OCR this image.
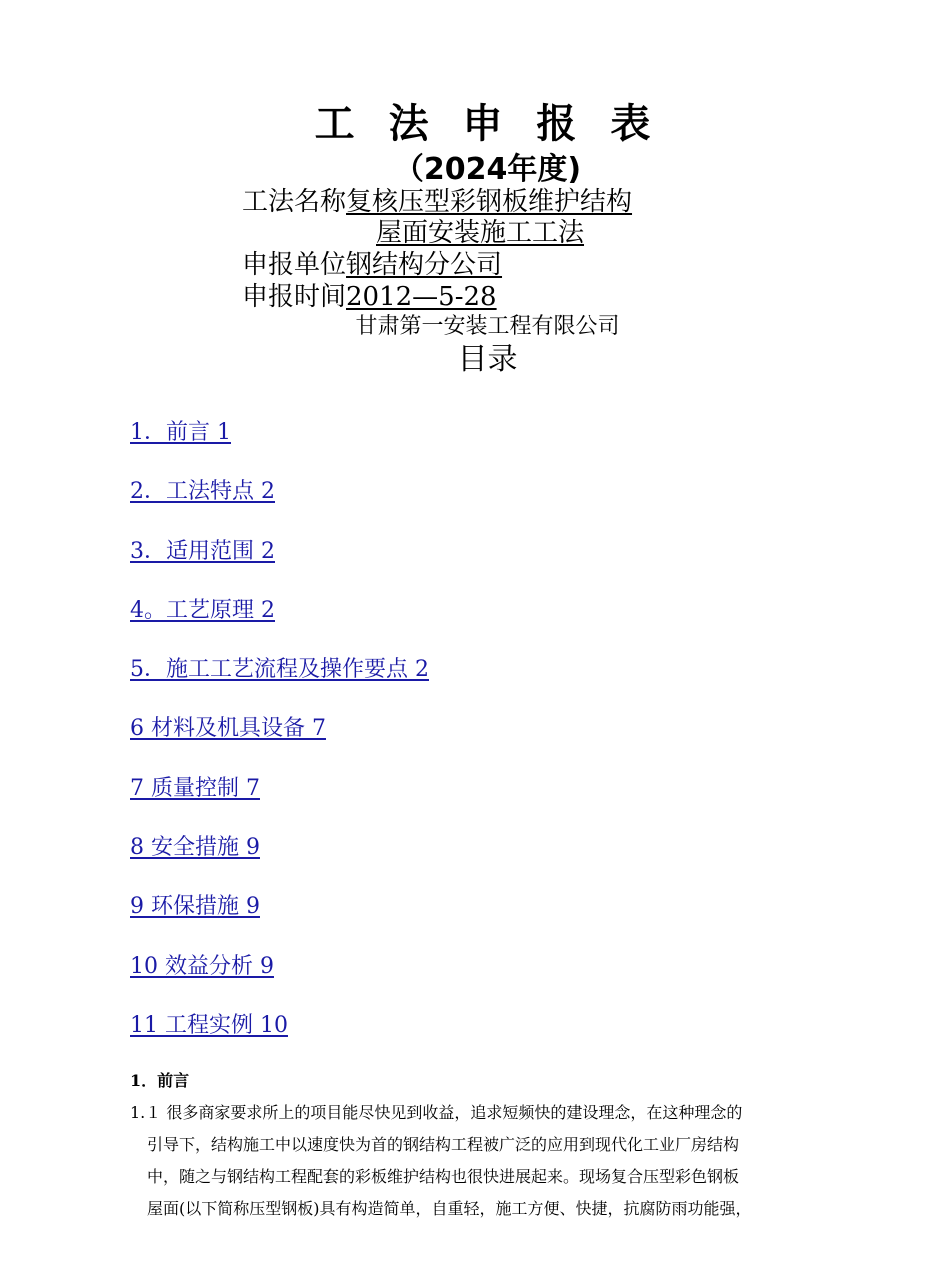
工 法 申 报 表
（2024年度)
工法名称复核压型彩钢板维护结构
屋面安装施工工法
申报单位钢结构分公司
申报时间2012—5-28
甘肃第一安装工程有限公司
目录
1．前言 1
2．工法特点 2
3．适用范围 2
4。工艺原理 2
5．施工工艺流程及操作要点 2
6 材料及机具设备 7
7 质量控制 7
8 安全措施 9
9 环保措施 9
10 效益分析 9
11 工程实例 10
1．前言
1.１ 很多商家要求所上的项目能尽快见到收益，追求短频快的建设理念，在这种理念的
引导下，结构施工中以速度快为首的钢结构工程被广泛的应用到现代化工业厂房结构
中，随之与钢结构工程配套的彩板维护结构也很快进展起来。现场复合压型彩色钢板
屋面(以下简称压型钢板)具有构造简单，自重轻，施工方便、快捷，抗腐防雨功能强，
